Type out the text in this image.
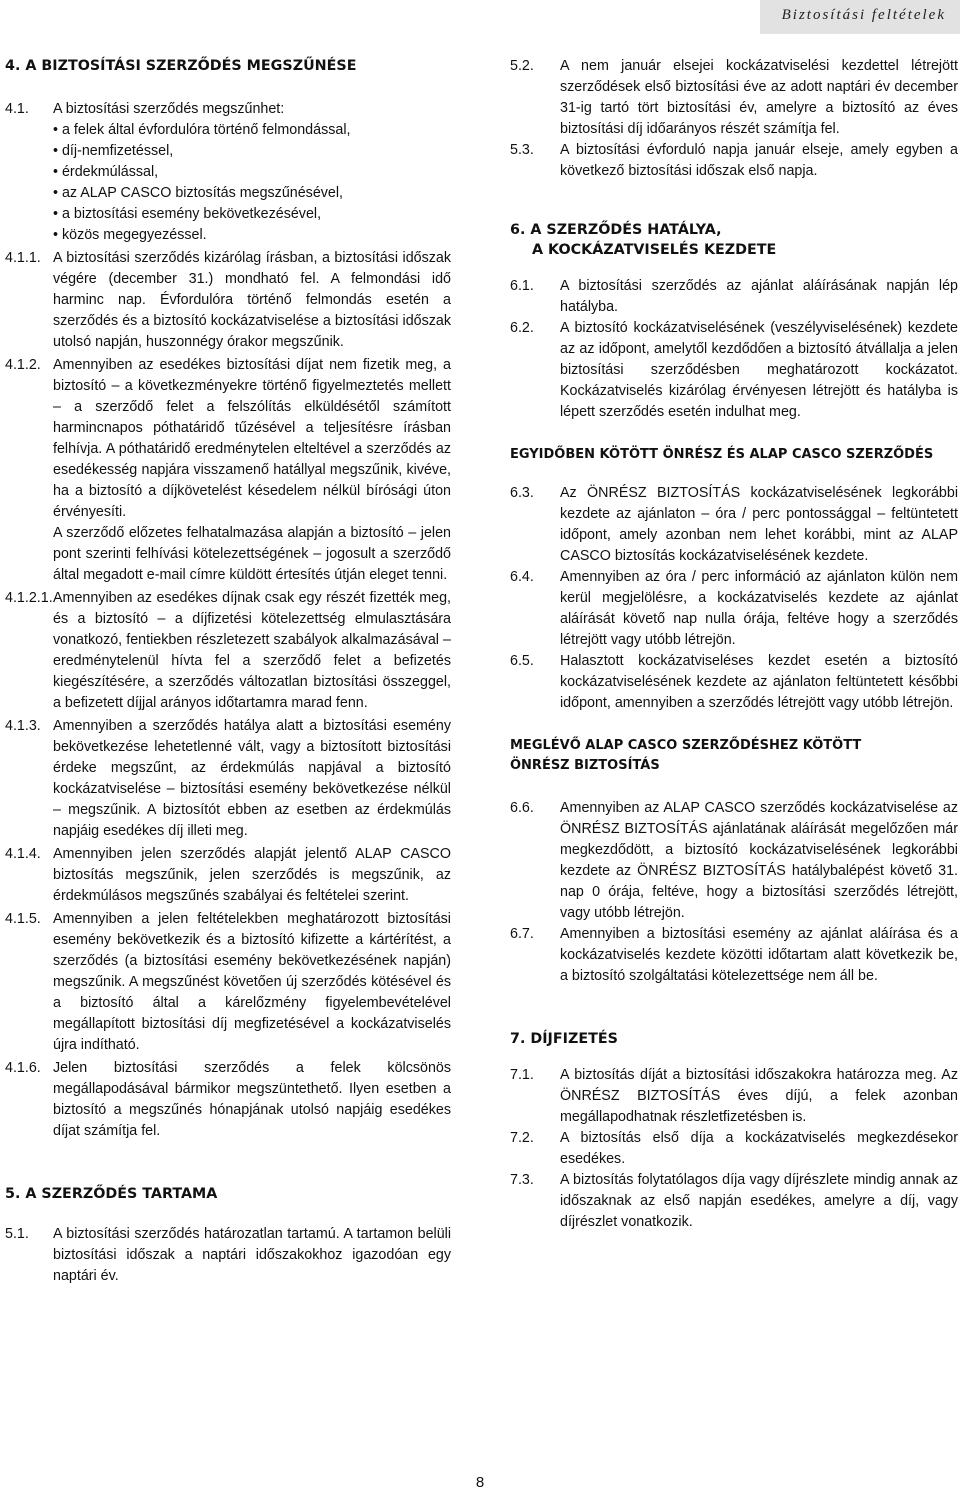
Biztosítási feltételek
4. A BIZTOSÍTÁSI SZERZŐDÉS MEGSZŰNÉSE
4.1.	A biztosítási szerződés megszűnhet:
• a felek által évfordulóra történő felmondással,
• díj-nemfizetéssel,
• érdekmúlással,
• az ALAP CASCO biztosítás megszűnésével,
• a biztosítási esemény bekövetkezésével,
• közös megegyezéssel.
4.1.1. A biztosítási szerződés kizárólag írásban, a biztosítási időszak végére (december 31.) mondható fel. A felmondási idő harminc nap. Évfordulóra történő felmondás esetén a szerződés és a biztosító kockázatviselése a biztosítási időszak utolsó napján, huszonnégy órakor megszűnik.
4.1.2. Amennyiben az esedékes biztosítási díjat nem fizetik meg, a biztosító – a következményekre történő figyelmeztetés mellett – a szerződő felet a felszólítás elküldésétől számított harmincnapos póthatáridő tűzésével a teljesítésre írásban felhívja. A póthatáridő eredménytelen elteltével a szerződés az esedékesség napjára visszamenő hatállyal megszűnik, kivéve, ha a biztosító a díjkövetelést késedelem nélkül bírósági úton érvényesíti.
A szerződő előzetes felhatalmazása alapján a biztosító – jelen pont szerinti felhívási kötelezettségének – jogosult a szerződő által megadott e-mail címre küldött értesítés útján eleget tenni.
4.1.2.1. Amennyiben az esedékes díjnak csak egy részét fizették meg, és a biztosító – a díjfizetési kötelezettség elmulasztására vonatkozó, fentiekben részletezett szabályok alkalmazásával – eredménytelenül hívta fel a szerződő felet a befizetés kiegészítésére, a szerződés változatlan biztosítási összeggel, a befizetett díjjal arányos időtartamra marad fenn.
4.1.3. Amennyiben a szerződés hatálya alatt a biztosítási esemény bekövetkezése lehetetlenné vált, vagy a biztosított biztosítási érdeke megszűnt, az érdekmúlás napjával a biztosító kockázatviselése – biztosítási esemény bekövetkezése nélkül – megszűnik. A biztosítót ebben az esetben az érdekmúlás napjáig esedékes díj illeti meg.
4.1.4. Amennyiben jelen szerződés alapját jelentő ALAP CASCO biztosítás megszűnik, jelen szerződés is megszűnik, az érdekmúlásos megszűnés szabályai és feltételei szerint.
4.1.5. Amennyiben a jelen feltételekben meghatározott biztosítási esemény bekövetkezik és a biztosító kifizette a kártérítést, a szerződés (a biztosítási esemény bekövetkezésének napján) megszűnik. A megszűnést követően új szerződés kötésével és a biztosító által a kárelőzmény figyelembevételével megállapított biztosítási díj megfizetésével a kockázatviselés újra indítható.
4.1.6. Jelen biztosítási szerződés a felek kölcsönös megállapodásával bármikor megszüntethető. Ilyen esetben a biztosító a megszűnés hónapjának utolsó napjáig esedékes díjat számítja fel.
5. A SZERZŐDÉS TARTAMA
5.1.	A biztosítási szerződés határozatlan tartamú. A tartamon belüli biztosítási időszak a naptári időszakokhoz igazodóan egy naptári év.
5.2.	A nem január elsejei kockázatviselési kezdettel létrejött szerződések első biztosítási éve az adott naptári év december 31-ig tartó tört biztosítási év, amelyre a biztosító az éves biztosítási díj időarányos részét számítja fel.
5.3.	A biztosítási évforduló napja január elseje, amely egyben a következő biztosítási időszak első napja.
6. A SZERZŐDÉS HATÁLYA,
A KOCKÁZATVISELÉS KEZDETE
6.1.	A biztosítási szerződés az ajánlat aláírásának napján lép hatályba.
6.2.	A biztosító kockázatviselésének (veszélyviselésének) kezdete az az időpont, amelytől kezdődően a biztosító átvállalja a jelen biztosítási szerződésben meghatározott kockázatot. Kockázatviselés kizárólag érvényesen létrejött és hatályba is lépett szerződés esetén indulhat meg.
EGYIDŐBEN KÖTÖTT ÖNRÉSZ ÉS ALAP CASCO SZERZŐDÉS
6.3.	Az ÖNRÉSZ BIZTOSÍTÁS kockázatviselésének legkorábbi kezdete az ajánlaton – óra / perc pontossággal – feltüntetett időpont, amely azonban nem lehet korábbi, mint az ALAP CASCO biztosítás kockázatviselésének kezdete.
6.4.	Amennyiben az óra / perc információ az ajánlaton külön nem kerül megjelölésre, a kockázatviselés kezdete az ajánlat aláírását követő nap nulla órája, feltéve hogy a szerződés létrejött vagy utóbb létrejön.
6.5.	Halasztott kockázatviseléses kezdet esetén a biztosító kockázatviselésének kezdete az ajánlaton feltüntetett későbbi időpont, amennyiben a szerződés létrejött vagy utóbb létrejön.
MEGLÉVŐ ALAP CASCO SZERZŐDÉSHEZ KÖTÖTT
ÖNRÉSZ BIZTOSÍTÁS
6.6.	Amennyiben az ALAP CASCO szerződés kockázatviselése az ÖNRÉSZ BIZTOSÍTÁS ajánlatának aláírását megelőzően már megkezdődött, a biztosító kockázatviselésének legkorábbi kezdete az ÖNRÉSZ BIZTOSÍTÁS hatálybalépést követő 31. nap 0 órája, feltéve, hogy a biztosítási szerződés létrejött, vagy utóbb létrejön.
6.7.	Amennyiben a biztosítási esemény az ajánlat aláírása és a kockázatviselés kezdete közötti időtartam alatt következik be, a biztosító szolgáltatási kötelezettsége nem áll be.
7. DÍJFIZETÉS
7.1.	A biztosítás díját a biztosítási időszakokra határozza meg. Az ÖNRÉSZ BIZTOSÍTÁS éves díjú, a felek azonban megállapodhatnak részletfizetésben is.
7.2.	A biztosítás első díja a kockázatviselés megkezdésekor esedékes.
7.3.	A biztosítás folytatólagos díja vagy díjrészlete mindig annak az időszaknak az első napján esedékes, amelyre a díj, vagy díjrészlet vonatkozik.
8
